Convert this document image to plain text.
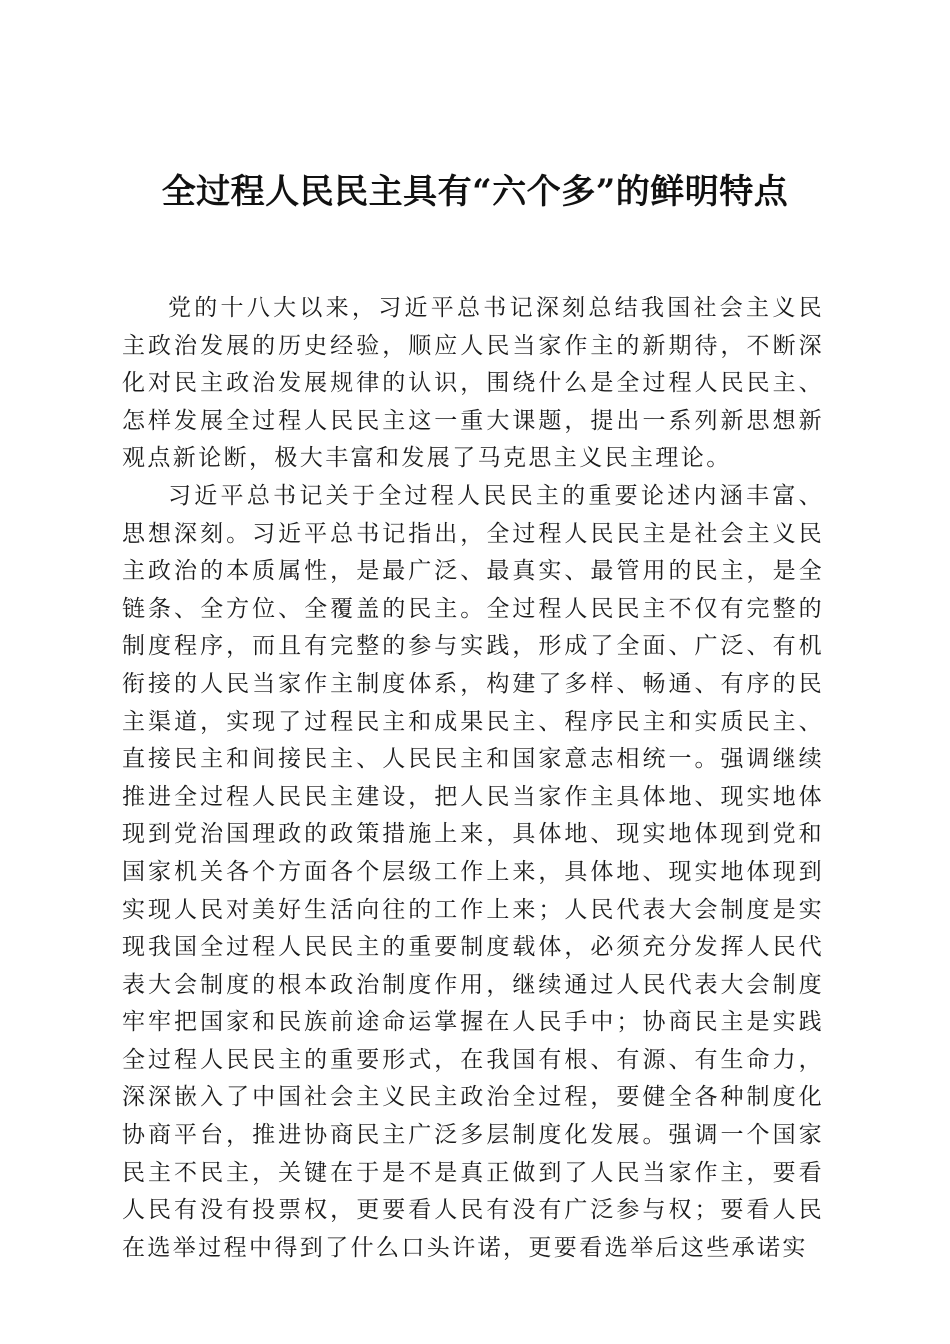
全过程人民民主具有“六个多”的鲜明特点

党的十八大以来，习近平总书记深刻总结我国社会主义民主政治发展的历史经验，顺应人民当家作主的新期待，不断深化对民主政治发展规律的认识，围绕什么是全过程人民民主、怎样发展全过程人民民主这一重大课题，提出一系列新思想新观点新论断，极大丰富和发展了马克思主义民主理论。

习近平总书记关于全过程人民民主的重要论述内涵丰富、思想深刻。习近平总书记指出，全过程人民民主是社会主义民主政治的本质属性，是最广泛、最真实、最管用的民主，是全链条、全方位、全覆盖的民主。全过程人民民主不仅有完整的制度程序，而且有完整的参与实践，形成了全面、广泛、有机衔接的人民当家作主制度体系，构建了多样、畅通、有序的民主渠道，实现了过程民主和成果民主、程序民主和实质民主、直接民主和间接民主、人民民主和国家意志相统一。强调继续推进全过程人民民主建设，把人民当家作主具体地、现实地体现到党治国理政的政策措施上来，具体地、现实地体现到党和国家机关各个方面各个层级工作上来，具体地、现实地体现到实现人民对美好生活向往的工作上来；人民代表大会制度是实现我国全过程人民民主的重要制度载体，必须充分发挥人民代表大会制度的根本政治制度作用，继续通过人民代表大会制度牢牢把国家和民族前途命运掌握在人民手中；协商民主是实践全过程人民民主的重要形式，在我国有根、有源、有生命力，深深嵌入了中国社会主义民主政治全过程，要健全各种制度化协商平台，推进协商民主广泛多层制度化发展。强调一个国家民主不民主，关键在于是不是真正做到了人民当家作主，要看人民有没有投票权，更要看人民有没有广泛参与权；要看人民在选举过程中得到了什么口头许诺，更要看选举后这些承诺实
